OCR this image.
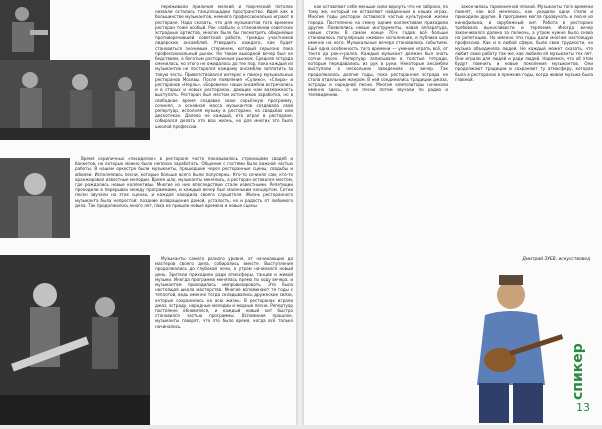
переживали приличия мелкий и творческий потолок назвали остались танцплощадки пространство. Идей как в большинстве музыкантов, немного профессионально играют в ресторане. Надо сказать, что для музыкантов того времени ресторан тоже особый. Рок «забыл» о становлении советских эстрадных артистов, многих было бы посмотреть обиднейше противоречившей советской работе, трижды участников лидерских ансамблей. Утвердить каждого, как будет становиться значимым стержнем, который серьезно пока профессиональный рынок. На таком выходной вечер был не бедствием, а богатым ресторанным рынком. Средняя эстрада сменилась, но этого не ожидалось до тех пор, пока каждый из музыкантов не постарался каждому ансамблю заплатить за такую честь. Приветствовался интерес к поиску музыкальных ресторанов Москвы. После появления «Сулико», «Спира» и ресторанов «Нерль», «Боровичи» наши ансамбли встречались и в старых и новых ресторанах, дающих нам возможность выступать. Ресторан был местом источников заработка, но в свободное время создавал свою серьёзную программу, сочинял, а основная масса музыкантов создавала свой репертуар, исполняя музыку в ресторане, на свадьбах или дискотеках. Далеко не каждый, кто играл в ресторане, собирался делать это всю жизнь, но для многих это было школой профессии.

Время скрипичных «посиделок» в ресторане часто показывалось страницами свадеб и банкетов, но которых можно было неплохо заработать. Общение с гостями было важной частью работы. В нашем оркестре были музыканты, прошедшие через ресторанные сцены, свадьбы и юбилеи. Исполнялись песни, которые больше всего были популярны. Кто-то сочинял сам, кто-то аранжировал известные мелодии. Время шло, музыканты менялись, а ресторан оставался местом, где рождались новые коллективы. Многие из них впоследствии стали известными. Репетиции проходили в перерывах между программами, и каждый вечер был маленьким концертом. Сотни песен звучали на этих сценах, и каждая находила своего слушателя. Жизнь ресторанного музыканта была непростой: поздние возвращения домой, усталость, но и радость от любимого дела. Так продолжалось много лет, пока не пришли новые времена и новые сцены.

Музыканты самого разного уровня, от начинающих до мастеров своего дела, собирались вместе. Выступления продолжались до глубокой ночи, а утром начинался новый день. Зрители приходили ради атмосферы, танцев и живой музыки. Иногда программа менялась прямо по ходу вечера, и музыкантам приходилось импровизировать. Это была настоящая школа мастерства. Многие вспоминают те годы с теплотой, ведь именно тогда складывались дружеские связи, которые сохранились на всю жизнь. В ресторанах играли джаз, эстраду, народные мелодии и модные песни. Репертуар постоянно обновлялся, и каждый новый хит быстро становился частью программы. Вспоминая прошлое, музыканты говорят, что это было время, когда всё только начиналось.

как оставляют себе меньше сили вернуть что не забрано, по тому же, который не оставляют найденным в наших играх. Многие годы ресторан оставался частью культурной жизни города. Постепенно на смену одним коллективам приходили другие. Появлялись новые инструменты, новая аппаратура, новые стили. В самом конце 70-х годов всё больше становилось популярным «живое» исполнение, и публика шла именно на него. Музыкальные вечера становились событием. Ещё одна особенность того времени — умение играть всё, от танго до рок-н-ролла. Каждый музыкант должен был знать сотни песен. Репертуар записывали в толстые тетради, которые передавались из рук в руки. Некоторые ансамбли выступали в нескольких заведениях за вечер. Так продолжалось долгие годы, пока ресторанная эстрада не стала отдельным жанром. В ней соединились традиции джаза, эстрады и народной песни. Многие композиторы начинали именно здесь, а их песни потом звучали по радио и телевидению.

закончилась гармоничной эпохой. Музыканты того времени помнят, как всё менялось, как уходили одни стили и приходили другие. В программе могла прозвучать и песня из кинофильма, и зарубежный хит. Работа в ресторане требовала выносливости и терпения. Иногда вечер заканчивался далеко за полночь, а утром нужно было снова на репетицию. Но именно эти годы дали многим настоящую профессию. Как и в любой сфере, были свои трудности, но музыка объединяла людей. Не каждый может сказать, что любит свою работу так же, как любили её музыканты тех лет. Они играли для людей и ради людей. Надеемся, что об этом будут помнить и новые поколения музыкантов. Они продолжают традиции и сохраняют ту атмосферу, которая была в ресторанах в прежние годы, когда живая музыка была главной.

Дмитрий ЗУЕВ, искусствовед
спикер
13
